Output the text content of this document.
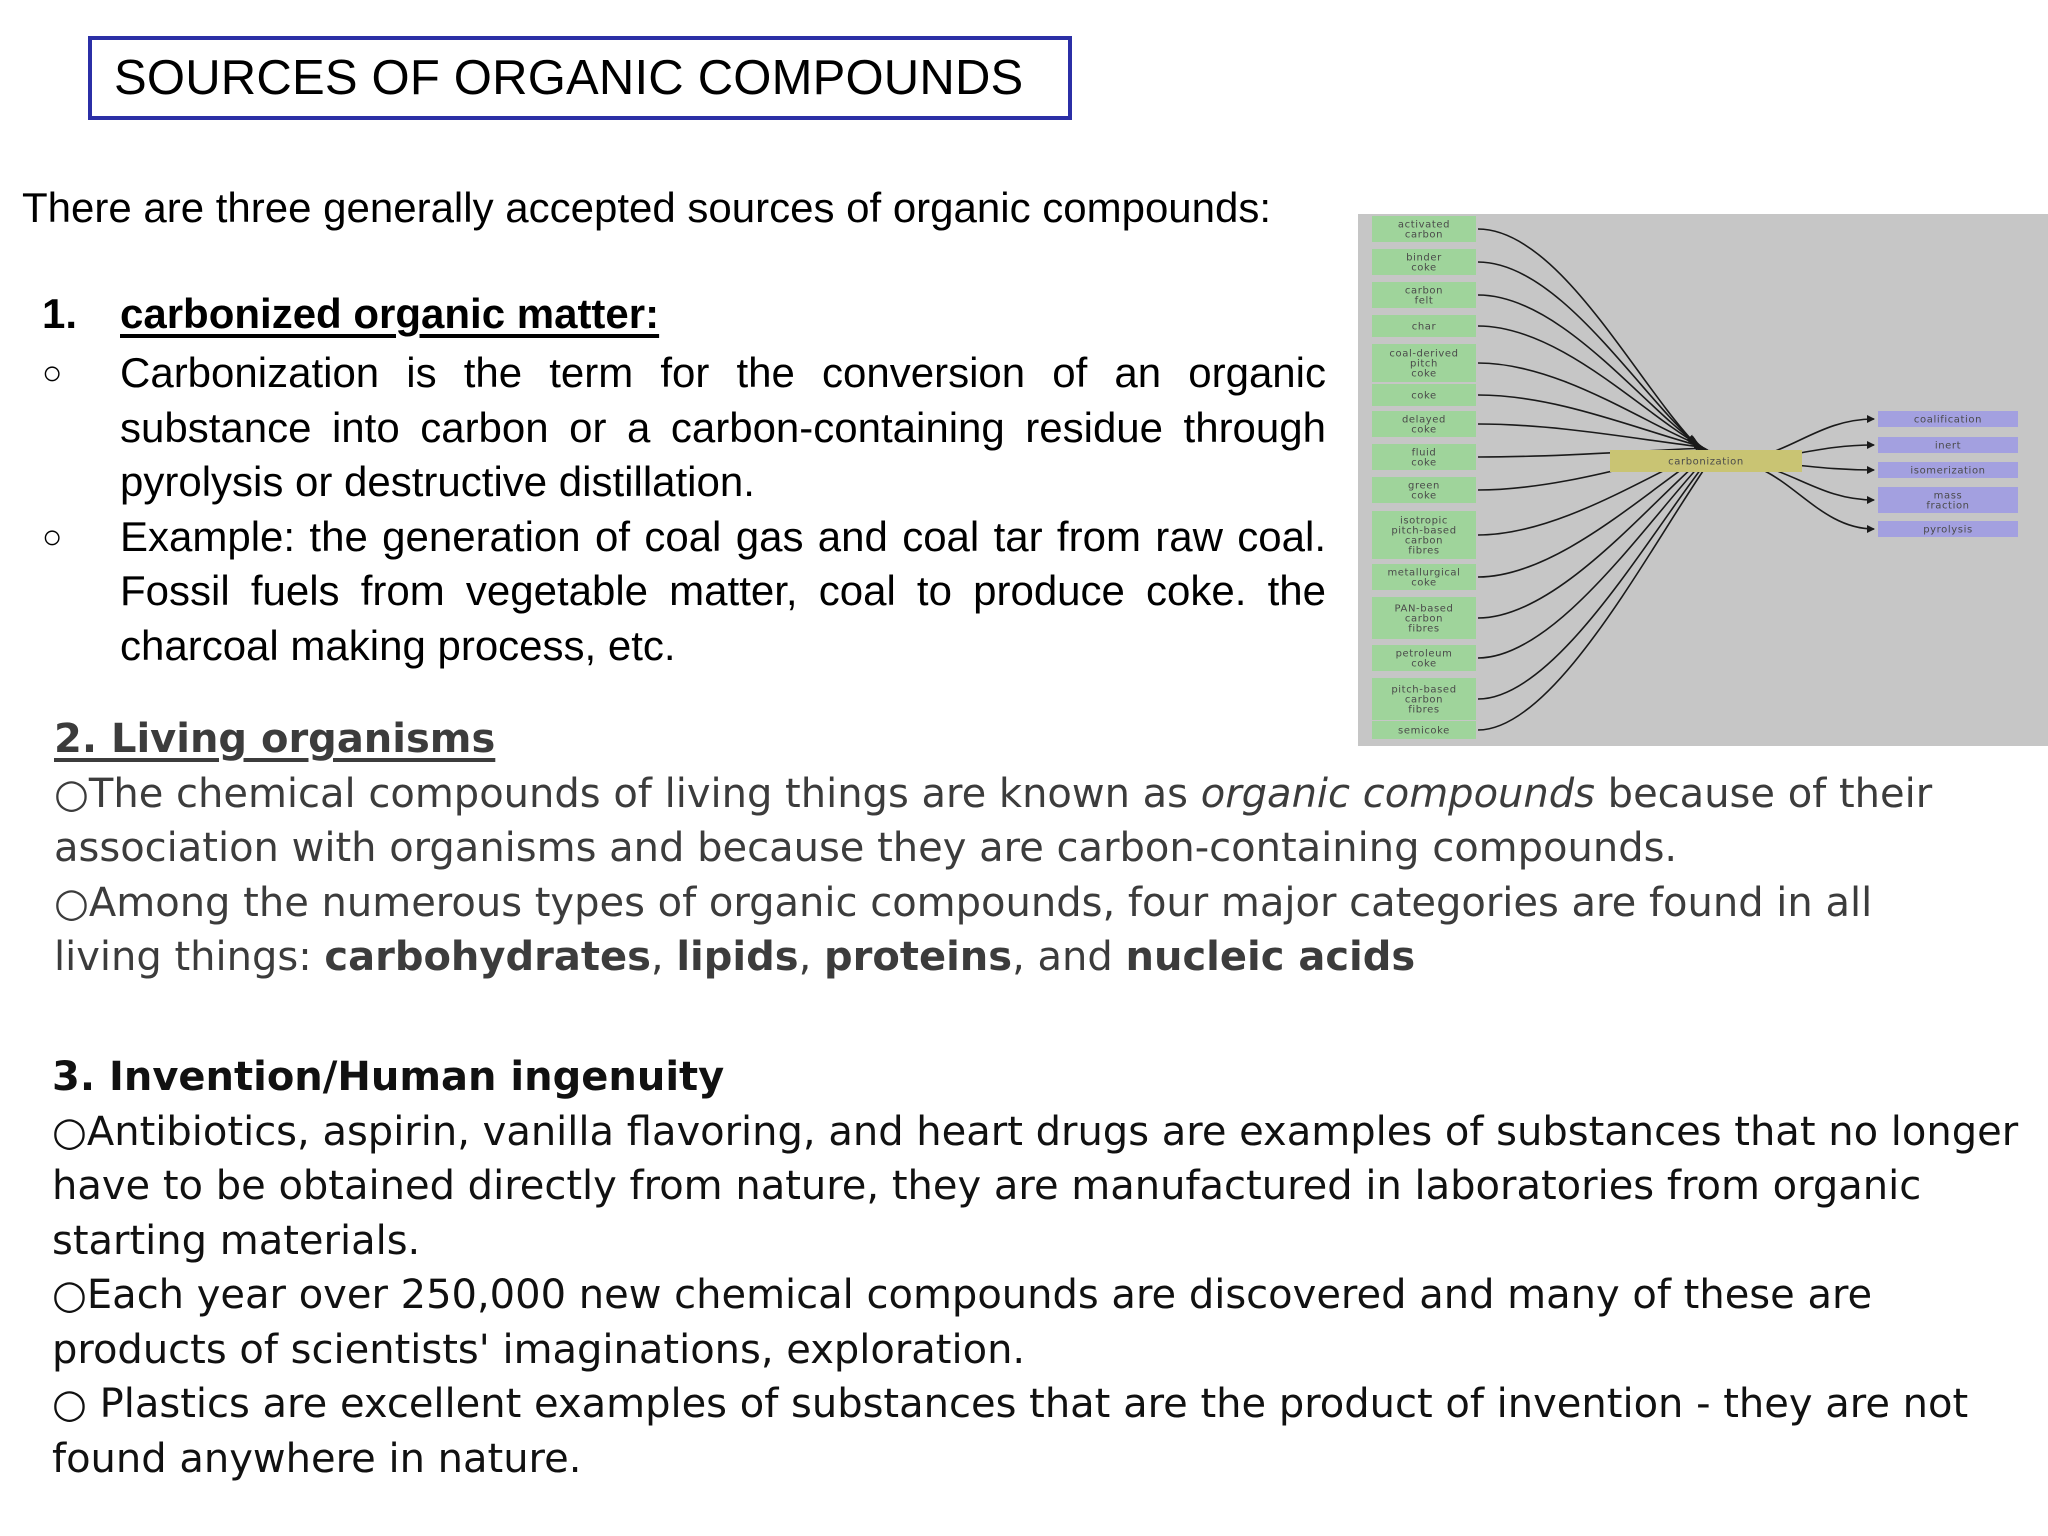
SOURCES OF ORGANIC COMPOUNDS
There are three generally accepted sources of organic compounds:
1. carbonized organic matter:
○ Carbonization is the term for the conversion of an organic substance into carbon or a carbon-containing residue through pyrolysis or destructive distillation.
○ Example: the generation of coal gas and coal tar from raw coal. Fossil fuels from vegetable matter, coal to produce coke. the charcoal making process, etc.
activated
carbon
binder
coke
carbon
felt
char
coal-derived
pitch
coke
coke
delayed
coke
fluid
coke
green
coke
isotropic
pitch-based
carbon
fibres
metallurgical
coke
PAN-based
carbon
fibres
petroleum
coke
pitch-based
carbon
fibres
semicoke
carbonization
coalification
inert
isomerization
mass
fraction
pyrolysis
2. Living organisms

○The chemical compounds of living things are known as organic compounds because of their association with organisms and because they are carbon-containing compounds.

○Among the numerous types of organic compounds, four major categories are found in all living things: carbohydrates, lipids, proteins, and nucleic acids

3. Invention/Human ingenuity

○Antibiotics, aspirin, vanilla flavoring, and heart drugs are examples of substances that no longer have to be obtained directly from nature, they are manufactured in laboratories from organic starting materials.

○Each year over 250,000 new chemical compounds are discovered and many of these are products of scientists' imaginations, exploration.

○ Plastics are excellent examples of substances that are the product of invention - they are not found anywhere in nature.
